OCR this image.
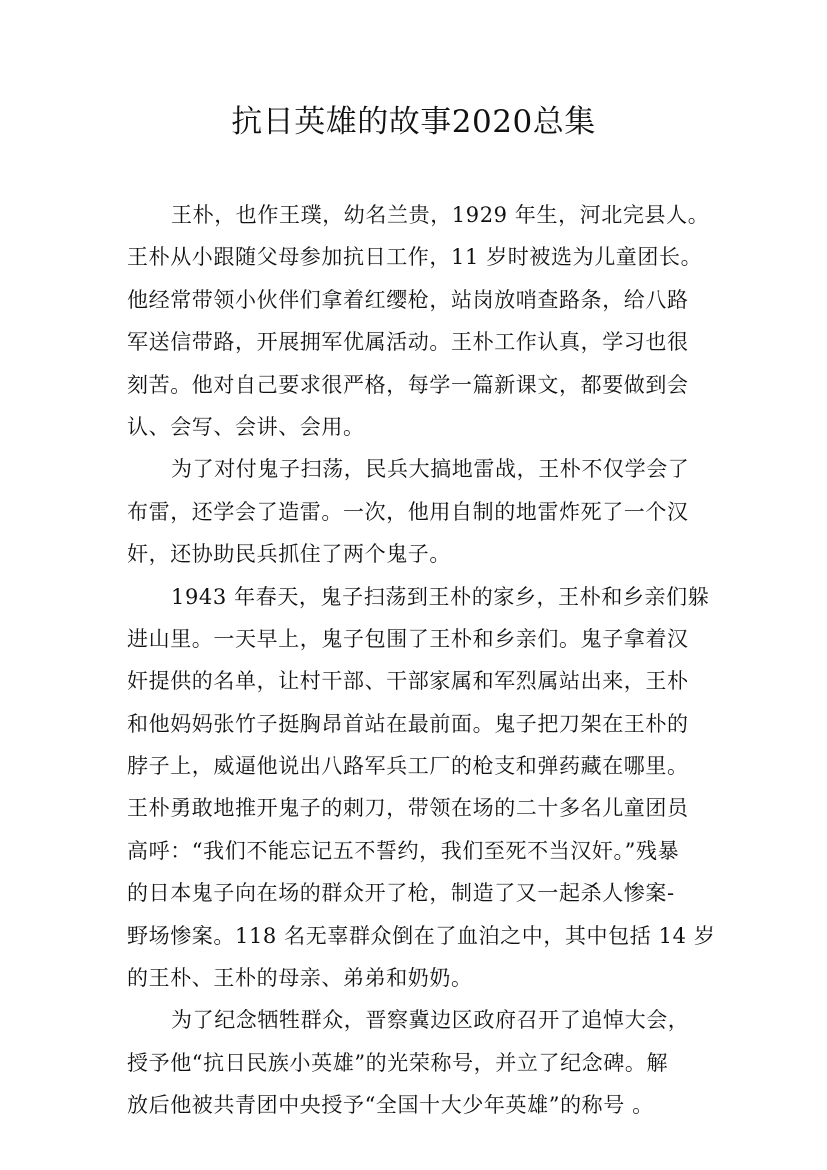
抗日英雄的故事2020总集
王朴，也作王璞，幼名兰贵，1929 年生，河北完县人。
王朴从小跟随父母参加抗日工作，11 岁时被选为儿童团长。
他经常带领小伙伴们拿着红缨枪，站岗放哨查路条，给八路
军送信带路，开展拥军优属活动。王朴工作认真，学习也很
刻苦。他对自己要求很严格，每学一篇新课文，都要做到会
认、会写、会讲、会用。
为了对付鬼子扫荡，民兵大搞地雷战，王朴不仅学会了
布雷，还学会了造雷。一次，他用自制的地雷炸死了一个汉
奸，还协助民兵抓住了两个鬼子。
1943 年春天，鬼子扫荡到王朴的家乡，王朴和乡亲们躲
进山里。一天早上，鬼子包围了王朴和乡亲们。鬼子拿着汉
奸提供的名单，让村干部、干部家属和军烈属站出来，王朴
和他妈妈张竹子挺胸昂首站在最前面。鬼子把刀架在王朴的
脖子上，威逼他说出八路军兵工厂的枪支和弹药藏在哪里。
王朴勇敢地推开鬼子的刺刀，带领在场的二十多名儿童团员
高呼：“我们不能忘记五不誓约，我们至死不当汉奸。”残暴
的日本鬼子向在场的群众开了枪，制造了又一起杀人惨案-
野场惨案。118 名无辜群众倒在了血泊之中，其中包括 14 岁
的王朴、王朴的母亲、弟弟和奶奶。
为了纪念牺牲群众，晋察冀边区政府召开了追悼大会，
授予他“抗日民族小英雄”的光荣称号，并立了纪念碑。解
放后他被共青团中央授予“全国十大少年英雄”的称号 。
